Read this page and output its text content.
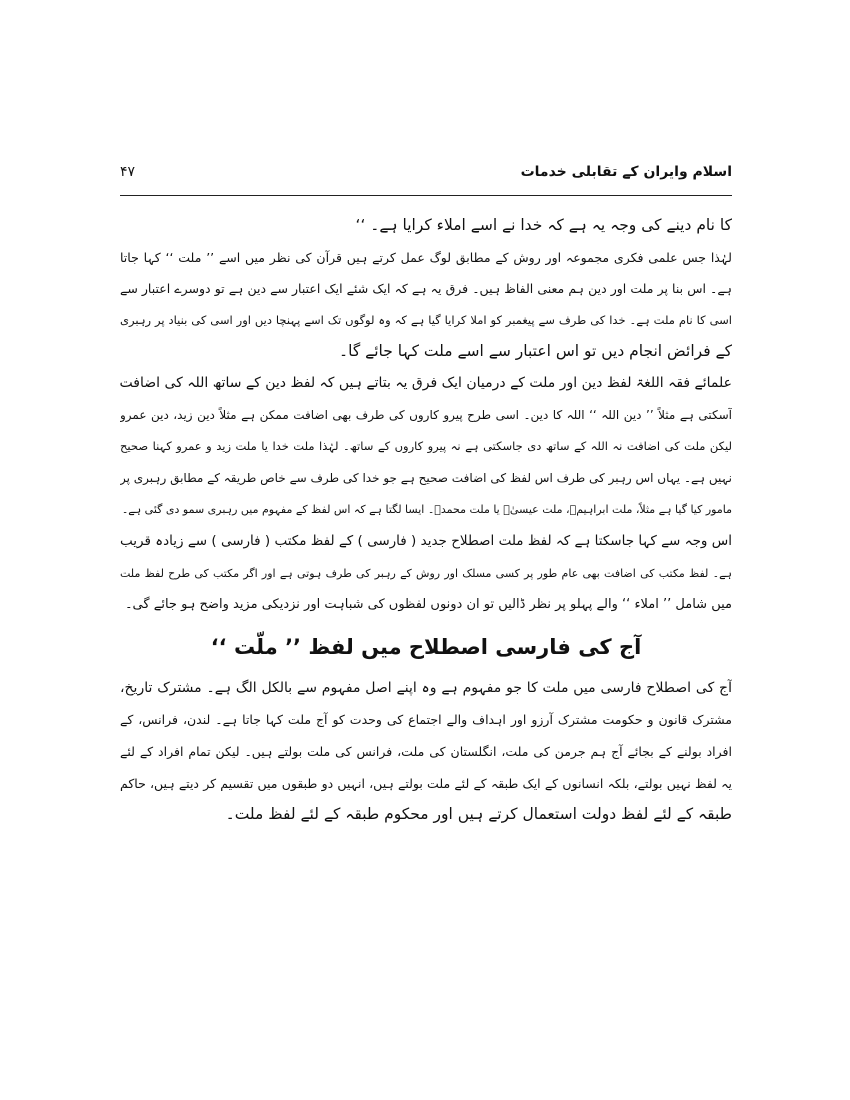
اسلام وایران کے تقابلی خدمات
۴۷
کا نام دینے کی وجہ یہ ہے کہ خدا نے اسے املاء کرایا ہے۔ ‘‘
لہٰذا جس علمی فکری مجموعہ اور روش کے مطابق لوگ عمل کرتے ہیں قرآن کی نظر میں اسے ’’ ملت ‘‘ کہا جاتا
ہے۔ اس بنا پر ملت اور دین ہم معنی الفاظ ہیں۔ فرق یہ ہے کہ ایک شئے ایک اعتبار سے دین ہے تو دوسرے اعتبار سے
اسی کا نام ملت ہے۔ خدا کی طرف سے پیغمبر کو املا کرایا گیا ہے کہ وہ لوگوں تک اسے پہنچا دیں اور اسی کی بنیاد پر رہبری
کے فرائض انجام دیں تو اس اعتبار سے اسے ملت کہا جائے گا۔
علمائے فقہ اللغۃ لفظ دین اور ملت کے درمیان ایک فرق یہ بتاتے ہیں کہ لفظ دین کے ساتھ اللہ کی اضافت
آسکتی ہے مثلاً ’’ دین اللہ ‘‘ اللہ کا دین۔ اسی طرح پیرو کاروں کی طرف بھی اضافت ممکن ہے مثلاً دین زید، دین عمرو
لیکن ملت کی اضافت نہ اللہ کے ساتھ دی جاسکتی ہے نہ پیرو کاروں کے ساتھ۔ لہٰذا ملت خدا یا ملت زید و عمرو کہنا صحیح
نہیں ہے۔ یہاں اس رہبر کی طرف اس لفظ کی اضافت صحیح ہے جو خدا کی طرف سے خاص طریقہ کے مطابق رہبری پر
مامور کیا گیا ہے مثلاً، ملت ابراہیمؑ، ملت عیسیٰؑ یا ملت محمدؐ۔ ایسا لگتا ہے کہ اس لفظ کے مفہوم میں رہبری سمو دی گئی ہے۔
اس وجہ سے کہا جاسکتا ہے کہ لفظ ملت اصطلاح جدید ( فارسی ) کے لفظ مکتب ( فارسی ) سے زیادہ قریب
ہے۔ لفظ مکتب کی اضافت بھی عام طور پر کسی مسلک اور روش کے رہبر کی طرف ہوتی ہے اور اگر مکتب کی طرح لفظ ملت
میں شامل ’’ املاء ‘‘ والے پہلو پر نظر ڈالیں تو ان دونوں لفظوں کی شباہت اور نزدیکی مزید واضح ہو جائے گی۔
آج کی فارسی اصطلاح میں لفظ ’’ ملّت ‘‘
آج کی اصطلاح فارسی میں ملت کا جو مفہوم ہے وہ اپنے اصل مفہوم سے بالکل الگ ہے۔ مشترک تاریخ،
مشترک قانون و حکومت مشترک آرزو اور اہداف والے اجتماع کی وحدت کو آج ملت کہا جاتا ہے۔ لندن، فرانس، کے
افراد بولنے کے بجائے آج ہم جرمن کی ملت، انگلستان کی ملت، فرانس کی ملت بولتے ہیں۔ لیکن تمام افراد کے لئے
یہ لفظ نہیں بولتے، بلکہ انسانوں کے ایک طبقہ کے لئے ملت بولتے ہیں، انہیں دو طبقوں میں تقسیم کر دیتے ہیں، حاکم
طبقہ کے لئے لفظ دولت استعمال کرتے ہیں اور محکوم طبقہ کے لئے لفظ ملت۔
